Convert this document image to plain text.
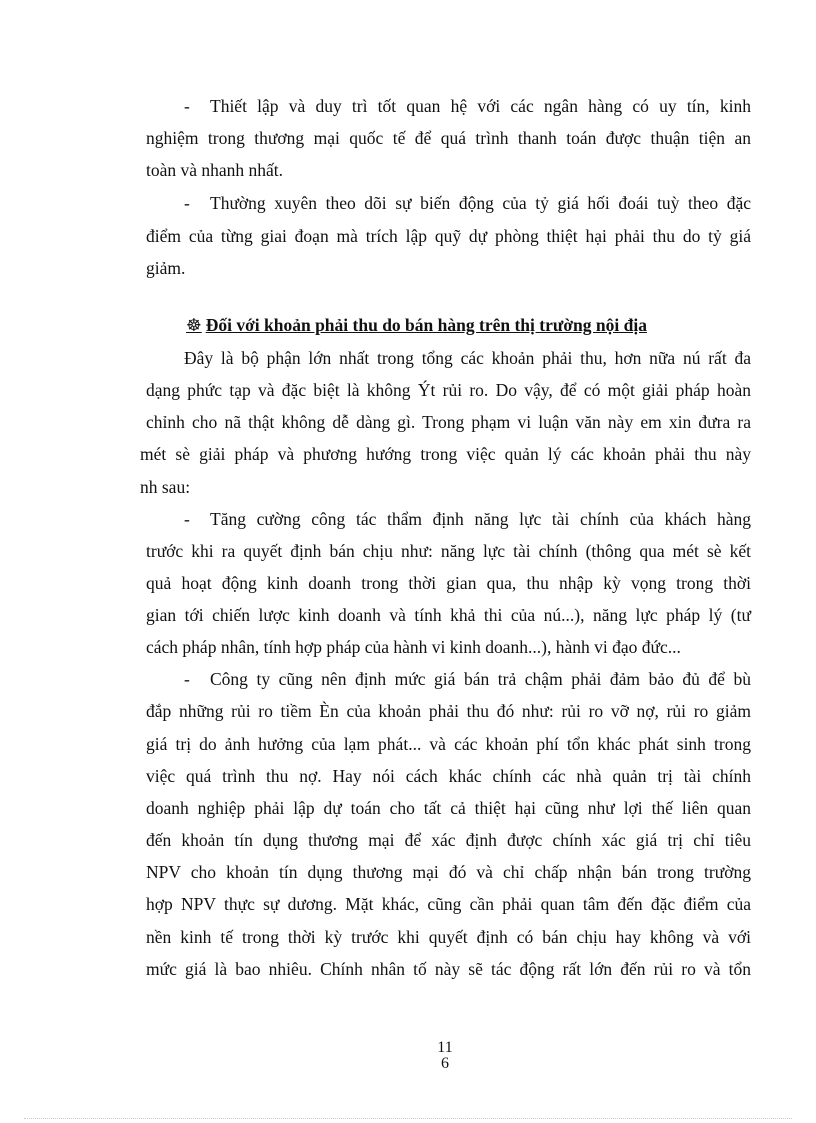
- Thiết lập và duy trì tốt quan hệ với các ngân hàng có uy tín, kinh
nghiệm trong thương mại quốc tế để quá trình thanh toán được thuận tiện an
toàn và nhanh nhất.
- Thường xuyên theo dõi sự biến động của tỷ giá hối đoái tuỳ theo đặc
điểm của từng giai đoạn mà trích lập quỹ dự phòng thiệt hại phải thu do tỷ giá
giảm.
☸ Đối với khoản phải thu do bán hàng trên thị trường nội địa
Đây là bộ phận lớn nhất trong tổng các khoản phải thu, hơn nữa nú rất đa
dạng phức tạp và đặc biệt là không Ýt rủi ro. Do vậy, để có một giải pháp hoàn
chỉnh cho nã thật không dễ dàng gì. Trong phạm vi luận văn này em xin đưra ra
mét sè giải pháp và phương hướng trong việc quản lý các khoản phải thu này
nh sau:
- Tăng cường công tác thẩm định năng lực tài chính của khách hàng
trước khi ra quyết định bán chịu như: năng lực tài chính (thông qua mét sè kết
quả hoạt động kinh doanh trong thời gian qua, thu nhập kỳ vọng trong thời
gian tới chiến lược kinh doanh và tính khả thi của nú...), năng lực pháp lý (tư
cách pháp nhân, tính hợp pháp của hành vi kinh doanh...), hành vi đạo đức...
- Công ty cũng nên định mức giá bán trả chậm phải đảm bảo đủ để bù
đắp những rủi ro tiềm Èn của khoản phải thu đó như: rủi ro vỡ nợ, rủi ro giảm
giá trị do ảnh hưởng của lạm phát... và các khoản phí tổn khác phát sinh trong
việc quá trình thu nợ. Hay nói cách khác chính các nhà quản trị tài chính
doanh nghiệp phải lập dự toán cho tất cả thiệt hại cũng như lợi thế liên quan
đến khoản tín dụng thương mại để xác định được chính xác giá trị chỉ tiêu
NPV cho khoản tín dụng thương mại đó và chỉ chấp nhận bán trong trường
hợp NPV thực sự dương. Mặt khác, cũng cần phải quan tâm đến đặc điểm của
nền kinh tế trong thời kỳ trước khi quyết định có bán chịu hay không và với
mức giá là bao nhiêu. Chính nhân tố này sẽ tác động rất lớn đến rủi ro và tổn
11
6
